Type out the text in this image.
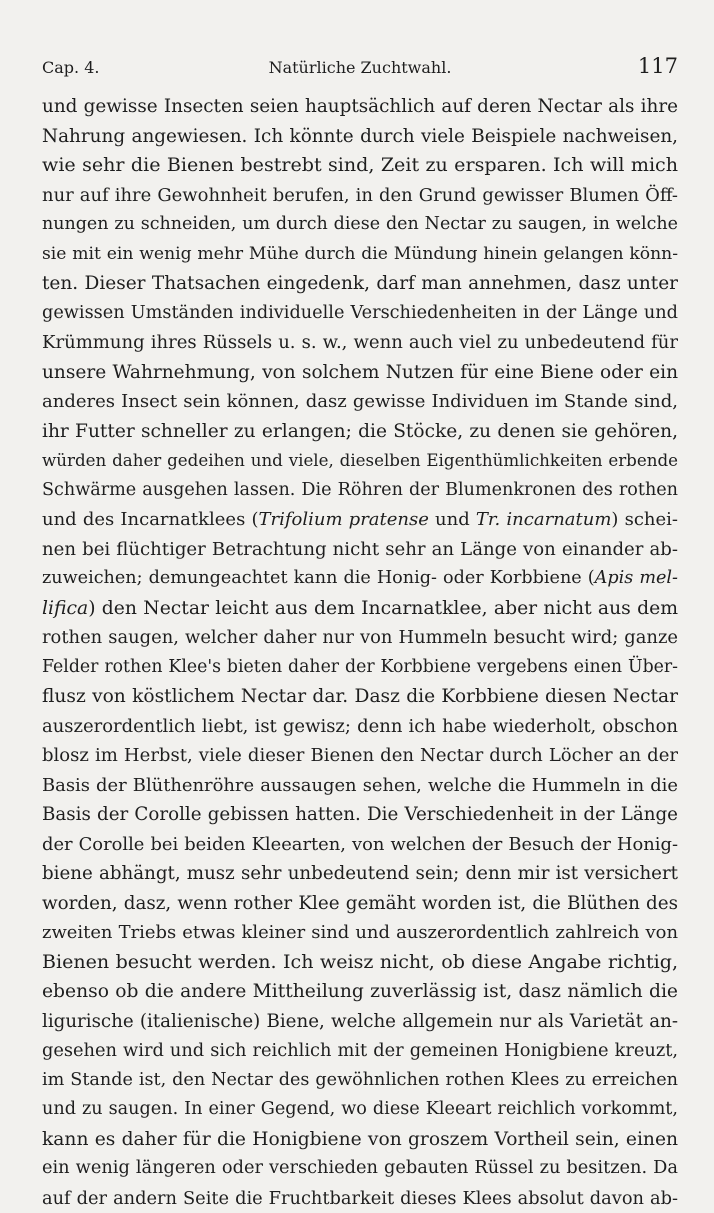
Cap. 4.	Natürliche Zuchtwahl.	117
und gewisse Insecten seien hauptsächlich auf deren Nectar als ihre
Nahrung angewiesen. Ich könnte durch viele Beispiele nachweisen,
wie sehr die Bienen bestrebt sind, Zeit zu ersparen. Ich will mich
nur auf ihre Gewohnheit berufen, in den Grund gewisser Blumen Öff-
nungen zu schneiden, um durch diese den Nectar zu saugen, in welche
sie mit ein wenig mehr Mühe durch die Mündung hinein gelangen könn-
ten. Dieser Thatsachen eingedenk, darf man annehmen, dasz unter
gewissen Umständen individuelle Verschiedenheiten in der Länge und
Krümmung ihres Rüssels u. s. w., wenn auch viel zu unbedeutend für
unsere Wahrnehmung, von solchem Nutzen für eine Biene oder ein
anderes Insect sein können, dasz gewisse Individuen im Stande sind,
ihr Futter schneller zu erlangen; die Stöcke, zu denen sie gehören,
würden daher gedeihen und viele, dieselben Eigenthümlichkeiten erbende
Schwärme ausgehen lassen. Die Röhren der Blumenkronen des rothen
und des Incarnatklees (Trifolium pratense und Tr. incarnatum) schei-
nen bei flüchtiger Betrachtung nicht sehr an Länge von einander ab-
zuweichen; demungeachtet kann die Honig- oder Korbbiene (Apis mel-
lifica) den Nectar leicht aus dem Incarnatklee, aber nicht aus dem
rothen saugen, welcher daher nur von Hummeln besucht wird; ganze
Felder rothen Klee's bieten daher der Korbbiene vergebens einen Über-
flusz von köstlichem Nectar dar. Dasz die Korbbiene diesen Nectar
auszerordentlich liebt, ist gewisz; denn ich habe wiederholt, obschon
blosz im Herbst, viele dieser Bienen den Nectar durch Löcher an der
Basis der Blüthenröhre aussaugen sehen, welche die Hummeln in die
Basis der Corolle gebissen hatten. Die Verschiedenheit in der Länge
der Corolle bei beiden Kleearten, von welchen der Besuch der Honig-
biene abhängt, musz sehr unbedeutend sein; denn mir ist versichert
worden, dasz, wenn rother Klee gemäht worden ist, die Blüthen des
zweiten Triebs etwas kleiner sind und auszerordentlich zahlreich von
Bienen besucht werden. Ich weisz nicht, ob diese Angabe richtig,
ebenso ob die andere Mittheilung zuverlässig ist, dasz nämlich die
ligurische (italienische) Biene, welche allgemein nur als Varietät an-
gesehen wird und sich reichlich mit der gemeinen Honigbiene kreuzt,
im Stande ist, den Nectar des gewöhnlichen rothen Klees zu erreichen
und zu saugen. In einer Gegend, wo diese Kleeart reichlich vorkommt,
kann es daher für die Honigbiene von groszem Vortheil sein, einen
ein wenig längeren oder verschieden gebauten Rüssel zu besitzen. Da
auf der andern Seite die Fruchtbarkeit dieses Klees absolut davon ab-
